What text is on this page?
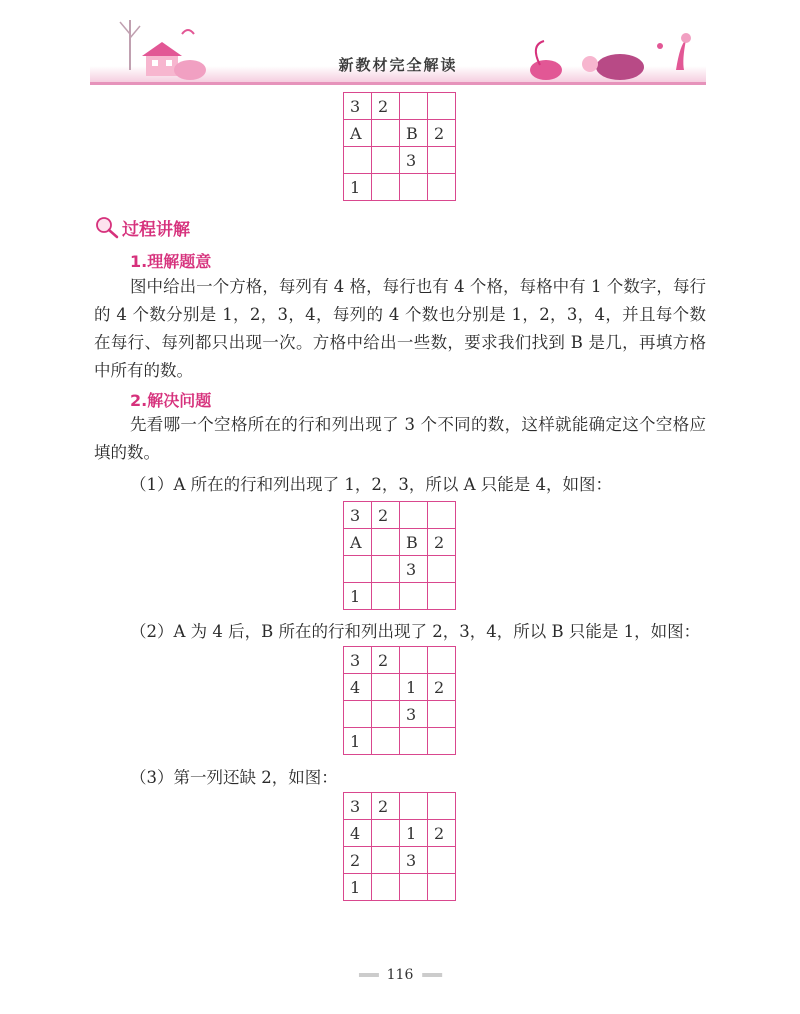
新教材完全解读
3	2		
A		B	2
		3	
1			
过程讲解
1.理解题意
图中给出一个方格，每列有 4 格，每行也有 4 个格，每格中有 1 个数字，每行的 4 个数分别是 1，2，3，4，每列的 4 个数也分别是 1，2，3，4，并且每个数在每行、每列都只出现一次。方格中给出一些数，要求我们找到 B 是几，再填方格中所有的数。
2.解决问题
先看哪一个空格所在的行和列出现了 3 个不同的数，这样就能确定这个空格应填的数。
（1）A 所在的行和列出现了 1，2，3，所以 A 只能是 4，如图：
3	2		
A		B	2
		3	
1			
（2）A 为 4 后，B 所在的行和列出现了 2，3，4，所以 B 只能是 1，如图：
3	2		
4		1	2
		3	
1			
（3）第一列还缺 2，如图：
3	2		
4		1	2
2		3	
1			
═══ 116 ═══
